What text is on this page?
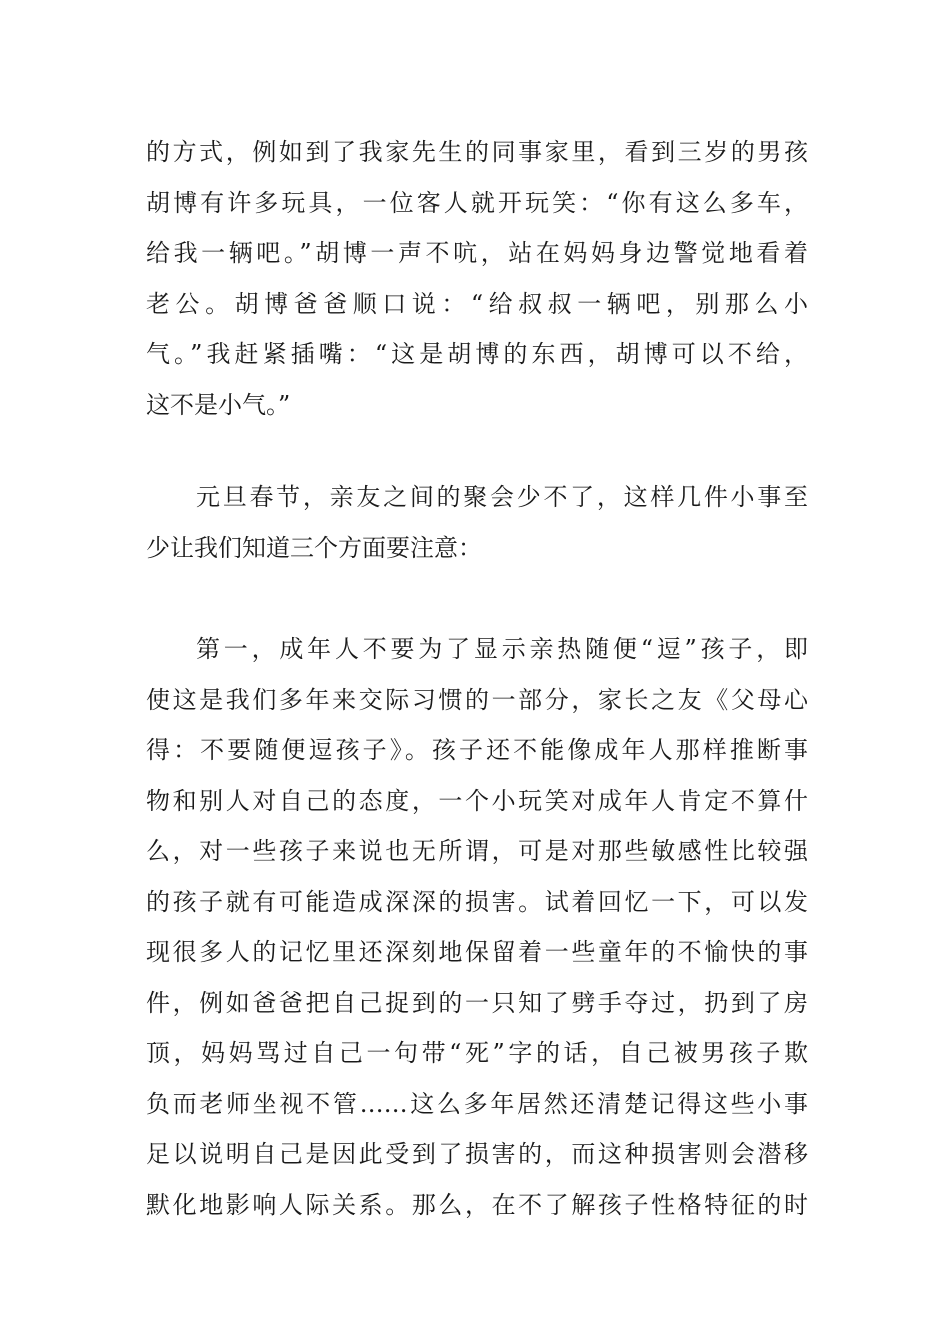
的方式，例如到了我家先生的同事家里，看到三岁的男孩
胡博有许多玩具，一位客人就开玩笑：“你有这么多车，
给我一辆吧。”胡博一声不吭，站在妈妈身边警觉地看着
老公。胡博爸爸顺口说：“给叔叔一辆吧，别那么小
气。”我赶紧插嘴：“这是胡博的东西，胡博可以不给，
这不是小气。”
元旦春节，亲友之间的聚会少不了，这样几件小事至
少让我们知道三个方面要注意：
第一，成年人不要为了显示亲热随便“逗”孩子，即
使这是我们多年来交际习惯的一部分，家长之友《父母心
得：不要随便逗孩子》。孩子还不能像成年人那样推断事
物和别人对自己的态度，一个小玩笑对成年人肯定不算什
么，对一些孩子来说也无所谓，可是对那些敏感性比较强
的孩子就有可能造成深深的损害。试着回忆一下，可以发
现很多人的记忆里还深刻地保留着一些童年的不愉快的事
件，例如爸爸把自己捉到的一只知了劈手夺过，扔到了房
顶，妈妈骂过自己一句带“死”字的话，自己被男孩子欺
负而老师坐视不管……这么多年居然还清楚记得这些小事
足以说明自己是因此受到了损害的，而这种损害则会潜移
默化地影响人际关系。那么，在不了解孩子性格特征的时
